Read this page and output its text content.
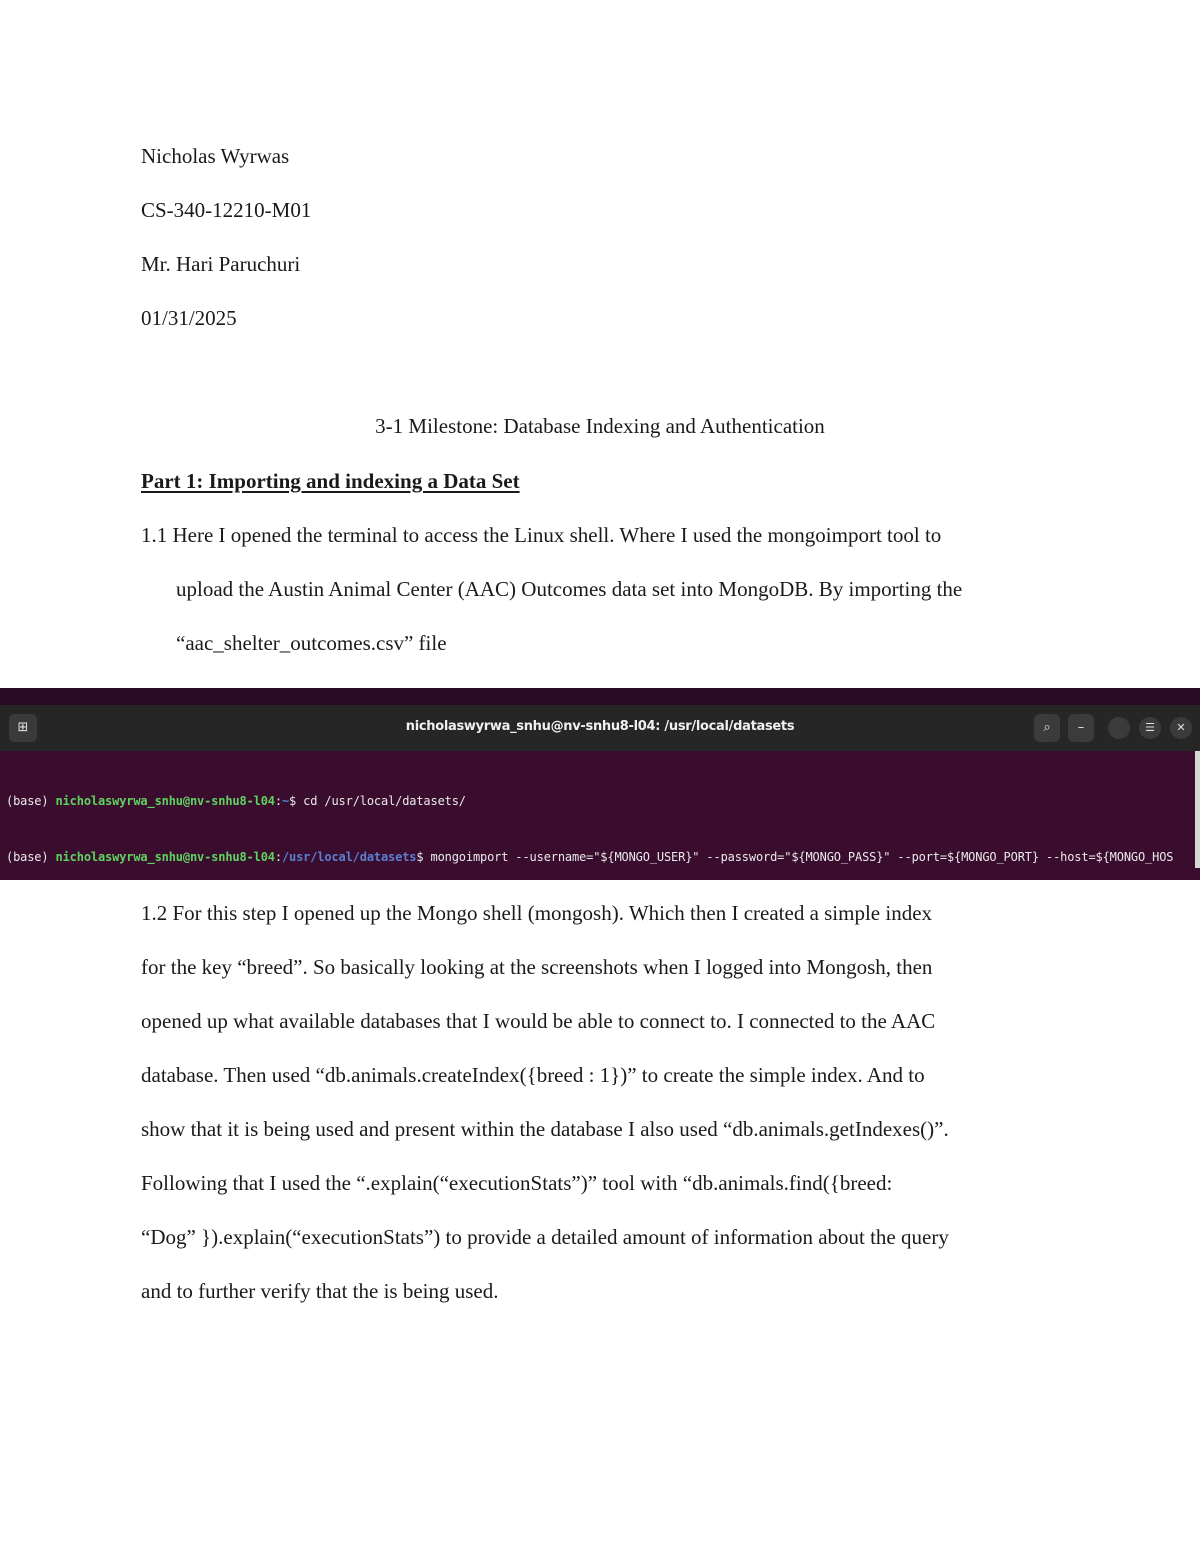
Nicholas Wyrwas
CS-340-12210-M01
Mr. Hari Paruchuri
01/31/2025
3-1 Milestone: Database Indexing and Authentication
Part 1: Importing and indexing a Data Set
1.1 Here I opened the terminal to access the Linux shell. Where I used the mongoimport tool to
upload the Austin Animal Center (AAC) Outcomes data set into MongoDB. By importing the
“aac_shelter_outcomes.csv” file
⊞	nicholaswyrwa_snhu@nv-snhu8-l04: /usr/local/datasets	⌕	–	☰	✕

(base) nicholaswyrwa_snhu@nv-snhu8-l04:~$ cd /usr/local/datasets/

(base) nicholaswyrwa_snhu@nv-snhu8-l04:/usr/local/datasets$ mongoimport --username="${MONGO_USER}" --password="${MONGO_PASS}" --port=${MONGO_PORT} --host=${MONGO_HOS

1.2 For this step I opened up the Mongo shell (mongosh). Which then I created a simple index
for the key “breed”. So basically looking at the screenshots when I logged into Mongosh, then
opened up what available databases that I would be able to connect to. I connected to the AAC
database. Then used “db.animals.createIndex({breed : 1})” to create the simple index. And to
show that it is being used and present within the database I also used “db.animals.getIndexes()”.
Following that I used the “.explain(“executionStats”)” tool with “db.animals.find({breed:
“Dog” }).explain(“executionStats”) to provide a detailed amount of information about the query
and to further verify that the is being used.
